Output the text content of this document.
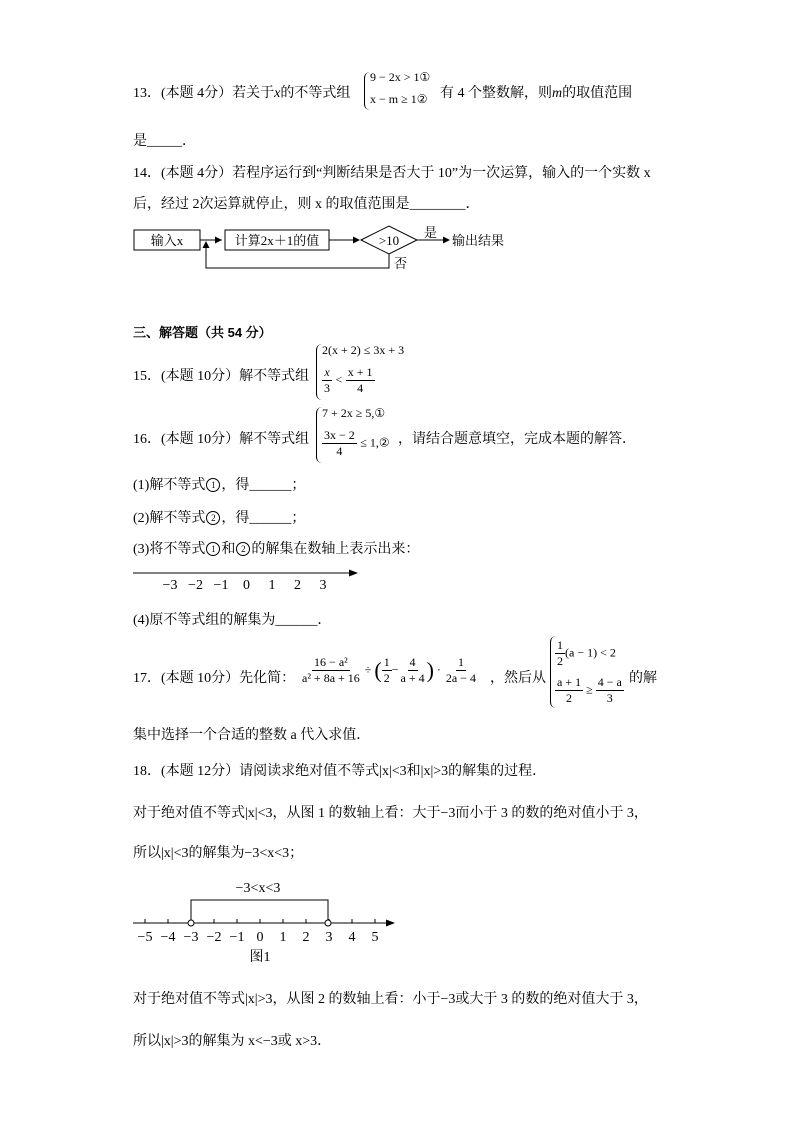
13．(本题 4分）若关于x的不等式组
9 − 2x > 1①
x − m ≥ 1② 有 4 个整数解，则m的取值范围
是_____．
14．(本题 4分）若程序运行到“判断结果是否大于 10”为一次运算，输入的一个实数 x
后，经过 2次运算就停止，则 x 的取值范围是________．
输入x	计算2x＋1的值	>10
是
输出结果
否
三、解答题（共 54 分）
15．(本题 10分）解不等式组
2(x + 2) ≤ 3x + 3
$\frac{x}{3} < \frac{x + 1}{4}$
16．(本题 10分）解不等式组
7 + 2x ≥ 5,①
$\frac{3x - 2}{4}$ ≤ 1,② ，请结合题意填空，完成本题的解答．
(1)解不等式 1 ，得______；
(2)解不等式 2 ，得______；
(3)将不等式 1 和 2 的解集在数轴上表示出来：
−3 −2 −1 0 1 2 3
(4)原不等式组的解集为______．
17．(本题 10分）先化简： $\frac{\text{16 − a²}}{\text{a² + 8a + 16}}$ ÷ ( $\frac{1}{2} - \frac{4}{a + 4}$ ) · $\frac{1}{2a - 4}$ ，然后从
$\frac{1}{2} (a - 1) < 2$
$\frac{a + 1}{2} \ge \frac{4 - a}{3}$ 的解
集中选择一个合适的整数 a 代入求值．
18．(本题 12分）请阅读求绝对值不等式|x|<3和|x|>3的解集的过程．
对于绝对值不等式|x|<3，从图 1 的数轴上看：大于−3而小于 3 的数的绝对值小于 3，
所以|x|<3的解集为−3<x<3；
−3<x<3
−5 −4 −3 −2 −1 0 1 2 3 4 5
图1
对于绝对值不等式|x|>3，从图 2 的数轴上看：小于−3或大于 3 的数的绝对值大于 3，
所以|x|>3的解集为 x<−3或 x>3．
